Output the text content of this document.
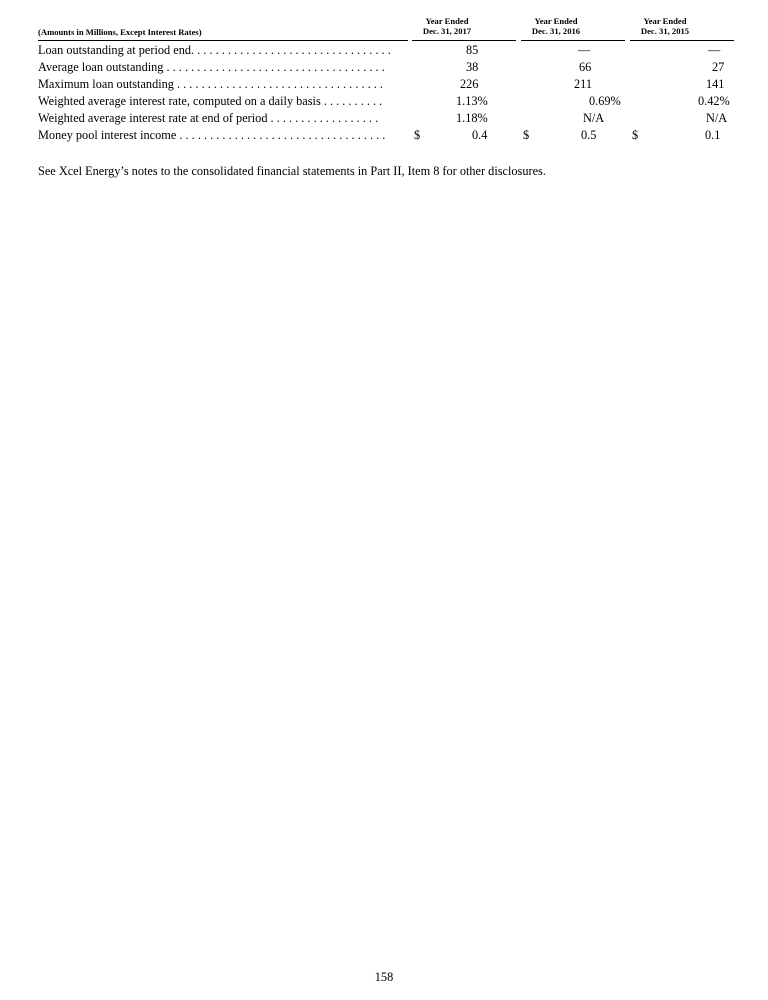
(Amounts in Millions, Except Interest Rates)
Year Ended
Dec. 31, 2017
Year Ended
Dec. 31, 2016
Year Ended
Dec. 31, 2015
Loan outstanding at period end. . . . . . . . . . . . . . . . . . . . . . . . . . . . . . . . .	85	—	—
Average loan outstanding . . . . . . . . . . . . . . . . . . . . . . . . . . . . . . . . . . . .	38	66	27
Maximum loan outstanding . . . . . . . . . . . . . . . . . . . . . . . . . . . . . . . . . .	226	211	141
Weighted average interest rate, computed on a daily basis . . . . . . . . . .	1.13%	0.69%	0.42%
Weighted average interest rate at end of period . . . . . . . . . . . . . . . . . .	1.18%	N/A	N/A
Money pool interest income . . . . . . . . . . . . . . . . . . . . . . . . . . . . . . . . . .	$	0.4	$	0.5	$	0.1
See Xcel Energy’s notes to the consolidated financial statements in Part II, Item 8 for other disclosures.
158
